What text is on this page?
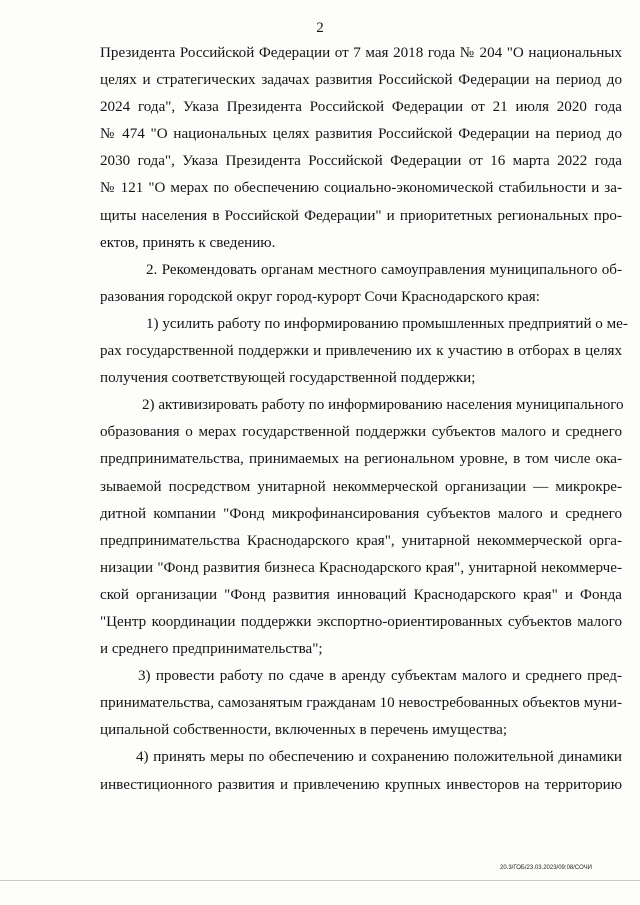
2
Президента Российской Федерации от 7 мая 2018 года № 204 "О национальных
целях и стратегических задачах развития Российской Федерации на период до
2024 года", Указа Президента Российской Федерации от 21 июля 2020 года
№ 474 "О национальных целях развития Российской Федерации на период до
2030 года", Указа Президента Российской Федерации от 16 марта 2022 года
№ 121 "О мерах по обеспечению социально-экономической стабильности и за-
щиты населения в Российской Федерации" и приоритетных региональных про-
ектов, принять к сведению.
2. Рекомендовать органам местного самоуправления муниципального об-
разования городской округ город-курорт Сочи Краснодарского края:
1) усилить работу по информированию промышленных предприятий о ме-
рах государственной поддержки и привлечению их к участию в отборах в целях
получения соответствующей государственной поддержки;
2) активизировать работу по информированию населения муниципального
образования о мерах государственной поддержки субъектов малого и среднего
предпринимательства, принимаемых на региональном уровне, в том числе ока-
зываемой посредством унитарной некоммерческой организации — микрокре-
дитной компании "Фонд микрофинансирования субъектов малого и среднего
предпринимательства Краснодарского края", унитарной некоммерческой орга-
низации "Фонд развития бизнеса Краснодарского края", унитарной некоммерче-
ской организации "Фонд развития инноваций Краснодарского края" и Фонда
"Центр координации поддержки экспортно-ориентированных субъектов малого
и среднего предпринимательства";
3) провести работу по сдаче в аренду субъектам малого и среднего пред-
принимательства, самозанятым гражданам 10 невостребованных объектов муни-
ципальной собственности, включенных в перечень имущества;
4) принять меры по обеспечению и сохранению положительной динамики
инвестиционного развития и привлечению крупных инвесторов на территорию
20.3/ГОБ/23.03.2023/09:08/СОЧИ
